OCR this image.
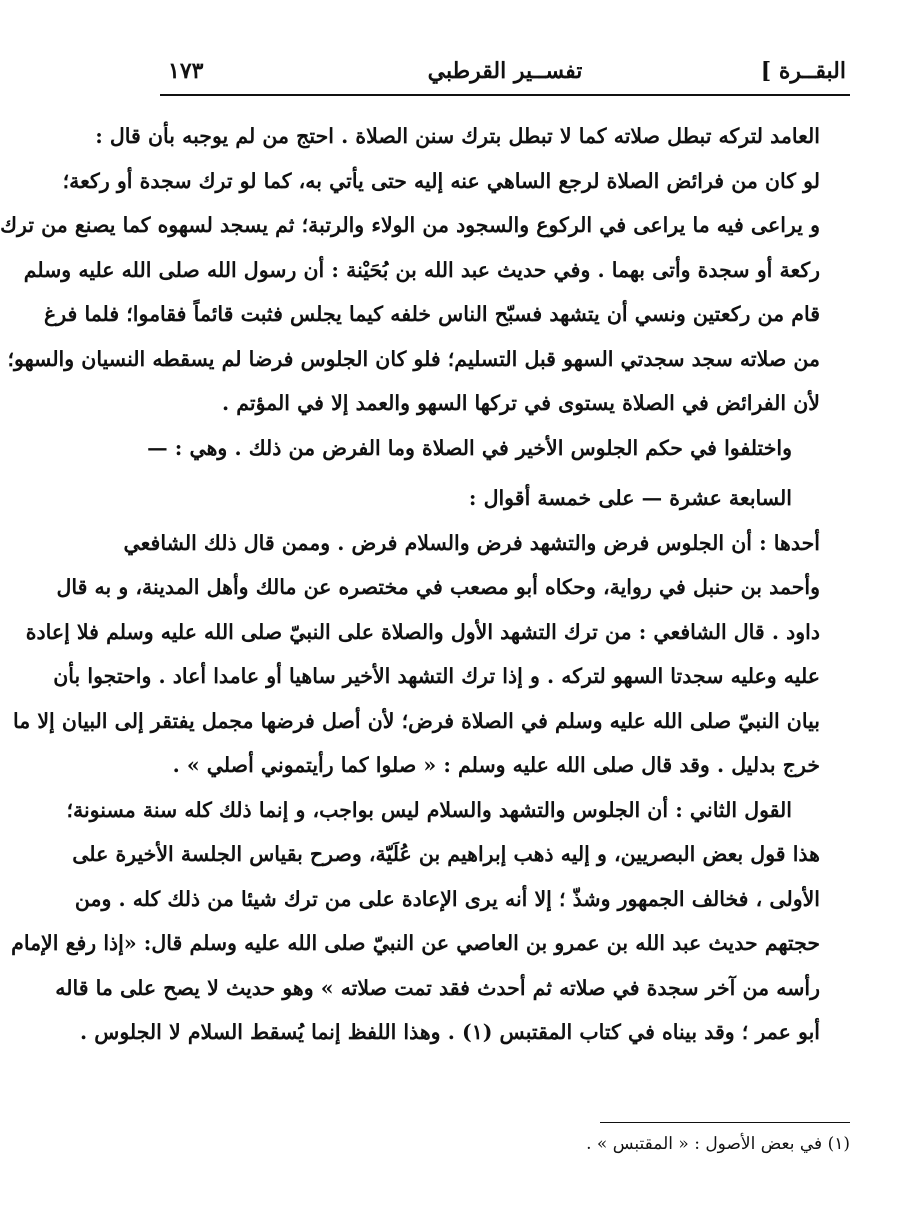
البقــرة ]
تفســير القرطبي
١٧٣
العامد لتركه تبطل صلاته كما لا تبطل بترك سنن الصلاة . احتج من لم يوجبه بأن قال :
لو كان من فرائض الصلاة لرجع الساهي عنه إليه حتى يأتي به، كما لو ترك سجدة أو ركعة؛
و يراعى فيه ما يراعى في الركوع والسجود من الولاء والرتبة؛ ثم يسجد لسهوه كما يصنع من ترك
ركعة أو سجدة وأتى بهما . وفي حديث عبد الله بن بُحَيْنة : أن رسول الله صلى الله عليه وسلم
قام من ركعتين ونسي أن يتشهد فسبّح الناس خلفه كيما يجلس فثبت قائماً فقاموا؛ فلما فرغ
من صلاته سجد سجدتي السهو قبل التسليم؛ فلو كان الجلوس فرضا لم يسقطه النسيان والسهو؛
لأن الفرائض في الصلاة يستوى في تركها السهو والعمد إلا في المؤتم .
واختلفوا في حكم الجلوس الأخير في الصلاة وما الفرض من ذلك . وهي : —
السابعة عشرة — على خمسة أقوال :
أحدها : أن الجلوس فرض والتشهد فرض والسلام فرض . وممن قال ذلك الشافعي
وأحمد بن حنبل في رواية، وحكاه أبو مصعب في مختصره عن مالك وأهل المدينة، و به قال
داود . قال الشافعي : من ترك التشهد الأول والصلاة على النبيّ صلى الله عليه وسلم فلا إعادة
عليه وعليه سجدتا السهو لتركه . و إذا ترك التشهد الأخير ساهيا أو عامدا أعاد . واحتجوا بأن
بيان النبيّ صلى الله عليه وسلم في الصلاة فرض؛ لأن أصل فرضها مجمل يفتقر إلى البيان إلا ما
خرج بدليل . وقد قال صلى الله عليه وسلم : « صلوا كما رأيتموني أصلي » .
القول الثاني : أن الجلوس والتشهد والسلام ليس بواجب، و إنما ذلك كله سنة مسنونة؛
هذا قول بعض البصريين، و إليه ذهب إبراهيم بن عُلَيّة، وصرح بقياس الجلسة الأخيرة على
الأولى ، فخالف الجمهور وشذّ ؛ إلا أنه يرى الإعادة على من ترك شيئا من ذلك كله . ومن
حجتهم حديث عبد الله بن عمرو بن العاصي عن النبيّ صلى الله عليه وسلم قال: «إذا رفع الإمام
رأسه من آخر سجدة في صلاته ثم أحدث فقد تمت صلاته » وهو حديث لا يصح على ما قاله
أبو عمر ؛ وقد بيناه في كتاب المقتبس (١) . وهذا اللفظ إنما يُسقط السلام لا الجلوس .
(١) في بعض الأصول : « المقتبس » .
